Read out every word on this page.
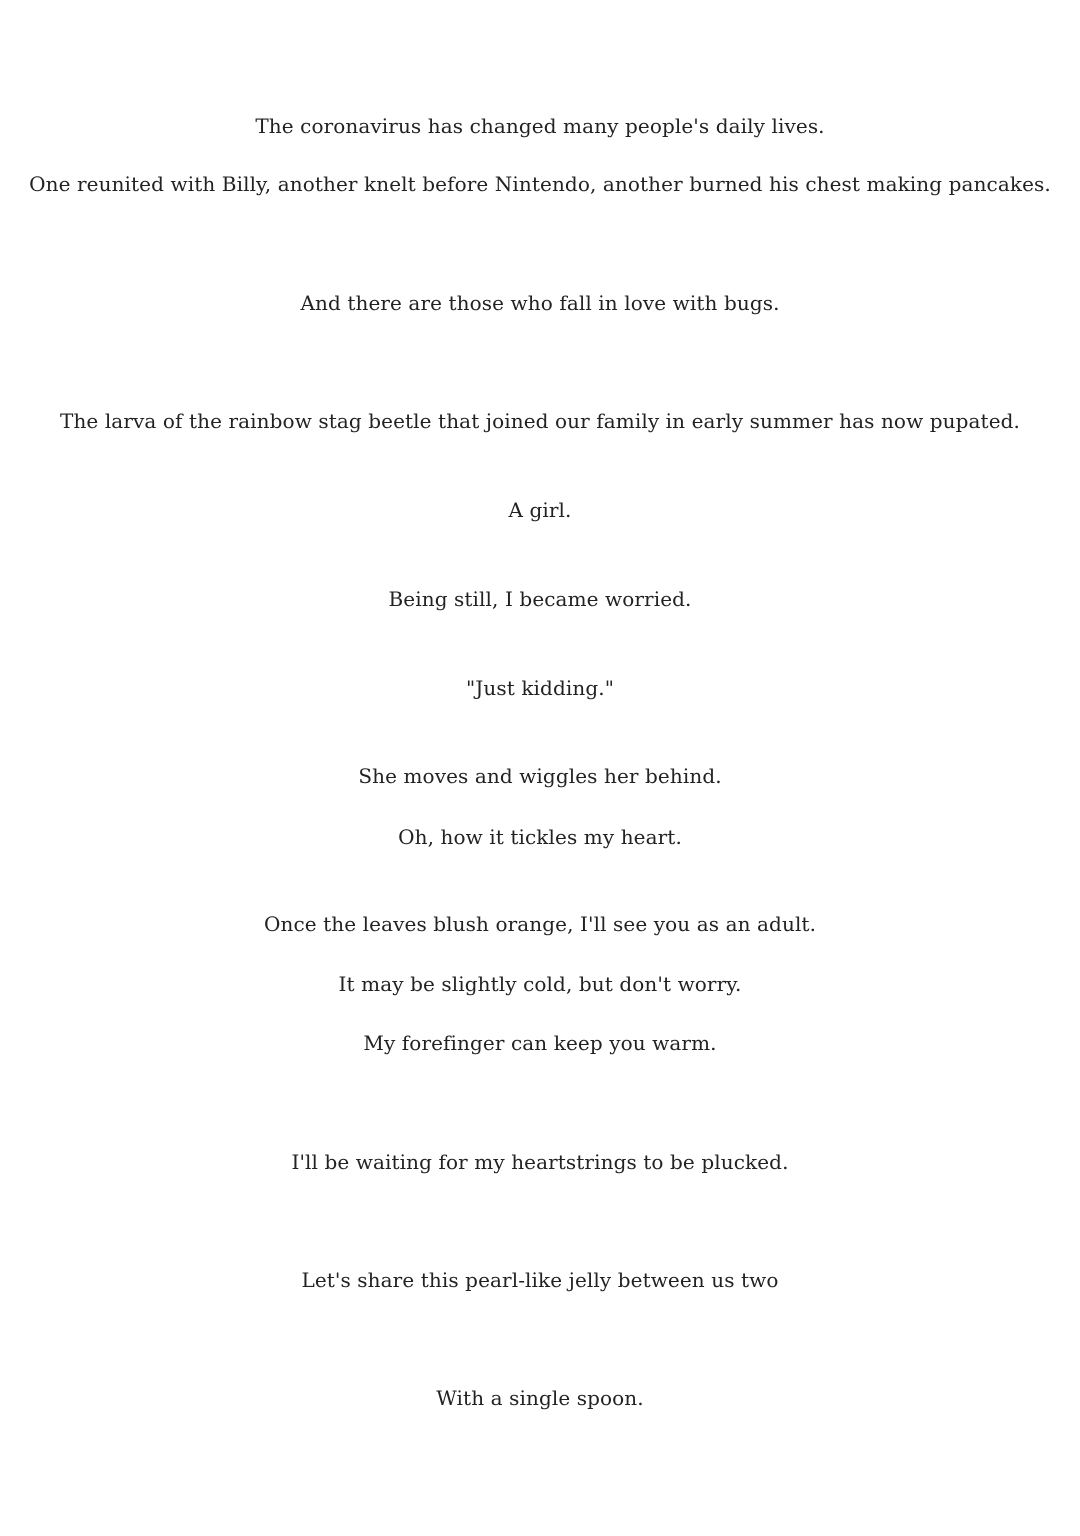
The coronavirus has changed many people's daily lives.
One reunited with Billy, another knelt before Nintendo, another burned his chest making pancakes.
And there are those who fall in love with bugs.
The larva of the rainbow stag beetle that joined our family in early summer has now pupated.
A girl.
Being still, I became worried.
"Just kidding."
She moves and wiggles her behind.
Oh, how it tickles my heart.
Once the leaves blush orange, I'll see you as an adult.
It may be slightly cold, but don't worry.
My forefinger can keep you warm.
I'll be waiting for my heartstrings to be plucked.
Let's share this pearl-like jelly between us two
With a single spoon.
